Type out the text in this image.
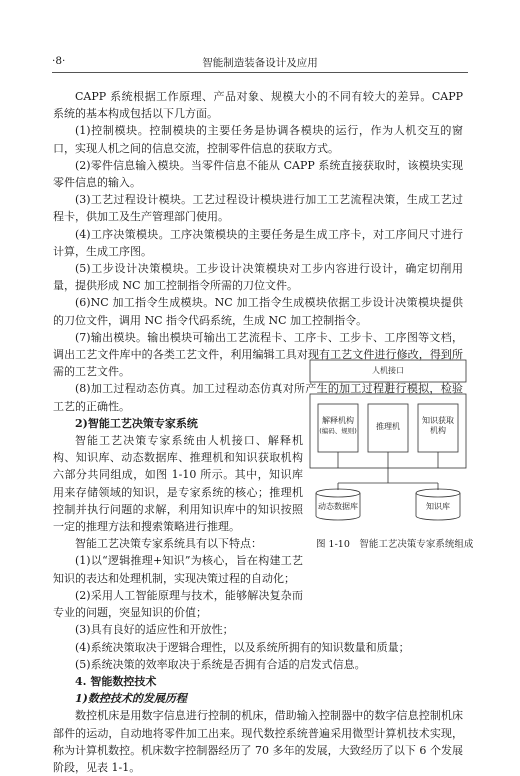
·8·	智能制造装备设计及应用

CAPP 系统根据工作原理、产品对象、规模大小的不同有较大的差异。CAPP 系统的基本构成包括以下几方面。

(1)控制模块。控制模块的主要任务是协调各模块的运行，作为人机交互的窗口，实现人机之间的信息交流，控制零件信息的获取方式。

(2)零件信息输入模块。当零件信息不能从 CAPP 系统直接获取时，该模块实现零件信息的输入。

(3)工艺过程设计模块。工艺过程设计模块进行加工工艺流程决策，生成工艺过程卡，供加工及生产管理部门使用。

(4)工序决策模块。工序决策模块的主要任务是生成工序卡，对工序间尺寸进行计算，生成工序图。

(5)工步设计决策模块。工步设计决策模块对工步内容进行设计，确定切削用量，提供形成 NC 加工控制指令所需的刀位文件。

(6)NC 加工指令生成模块。NC 加工指令生成模块依据工步设计决策模块提供的刀位文件，调用 NC 指令代码系统，生成 NC 加工控制指令。

(7)输出模块。输出模块可输出工艺流程卡、工序卡、工步卡、工序图等文档，调出工艺文件库中的各类工艺文件，利用编辑工具对现有工艺文件进行修改，得到所需的工艺文件。

(8)加工过程动态仿真。加工过程动态仿真对所产生的加工过程进行模拟，检验工艺的正确性。

2)智能工艺决策专家系统

智能工艺决策专家系统由人机接口、解释机构、知识库、动态数据库、推理机和知识获取机构六部分共同组成，如图 1-10 所示。其中，知识库用来存储领域的知识，是专家系统的核心；推理机控制并执行问题的求解，利用知识库中的知识按照一定的推理方法和搜索策略进行推理。

智能工艺决策专家系统具有以下特点：

(1)以“逻辑推理+知识”为核心，旨在构建工艺知识的表达和处理机制，实现决策过程的自动化；

(2)采用人工智能原理与技术，能够解决复杂而专业的问题，突显知识的价值；

(3)具有良好的适应性和开放性；

(4)系统决策取决于逻辑合理性，以及系统所拥有的知识数量和质量；

(5)系统决策的效率取决于系统是否拥有合适的启发式信息。

4. 智能数控技术

1)数控技术的发展历程

数控机床是用数字信息进行控制的机床，借助输入控制器中的数字信息控制机床部件的运动，自动地将零件加工出来。现代数控系统普遍采用微型计算机技术实现，称为计算机数控。机床数字控制器经历了 70 多年的发展，大致经历了以下 6 个发展阶段，见表 1-1。

人机接口
解释机构
(编码、规则)	推理机
知识获取
机构
动态数据库	知识库
图 1-10　智能工艺决策专家系统组成
